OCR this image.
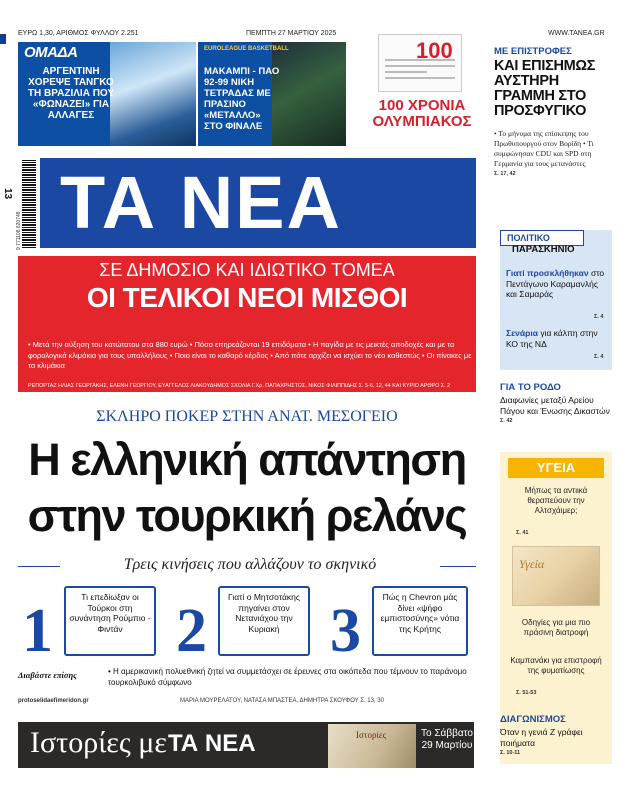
ΕΥΡΩ 1,30, ΑΡΙΘΜΟΣ ΦΥΛΛΟΥ 2.251	ΠΕΜΠΤΗ 27 ΜΑΡΤΙΟΥ 2025	WWW.TANEA.GR
ΟΜΑΔΑ
ΑΡΓΕΝΤΙΝΗ ΧΟΡΕΨΕ ΤΑΝΓΚΟ ΤΗ ΒΡΑΖΙΛΙΑ ΠΟΥ «ΦΩΝΑΖΕΙ» ΓΙΑ ΑΛΛΑΓΕΣ
EUROLEAGUE BASKETBALL
ΜΑΚΑΜΠΙ - ΠΑΟ 92-99 ΝΙΚΗ ΤΕΤΡΑΔΑΣ ΜΕ ΠΡΑΣΙΝΟ «ΜΕΤΑΛΛΟ» ΣΤΟ ΦΙΝΑΛΕ
100
100 ΧΡΟΝΙΑ ΟΛΥΜΠΙΑΚΟΣ
13
9 771108 620748 ΤΑ ΝΕΑ
ΣΕ ΔΗΜΟΣΙΟ ΚΑΙ ΙΔΙΩΤΙΚΟ ΤΟΜΕΑ
ΟΙ ΤΕΛΙΚΟΙ ΝΕΟΙ ΜΙΣΘΟΙ
• Μετά την αύξηση του κατώτατου στα 880 ευρώ • Πόσο επηρεάζονται 19 επιδόματα • Η παγίδα με τις μεικτές αποδοχές και με τα φορολογικά κλιμάκια για τους υπαλλήλους • Ποιο είναι το καθαρό κέρδος • Από πότε αρχίζει να ισχύει το νέο καθεστώς • Οι πίνακες με τα κλιμάκια
ΡΕΠΟΡΤΑΖ ΗΛΙΑΣ ΓΕΩΡΓΑΚΗΣ, ΕΛΕΝΗ ΓΕΩΡΓΙΟΥ, ΕΥΑΓΓΕΛΟΣ ΛΙΑΚΟΥΔΗΜΟΣ ΣΧΟΛΙΑ Γ.Χρ. ΠΑΠΑΧΡΗΣΤΟΣ, ΝΙΚΟΣ ΦΙΛΙΠΠΙΔΗΣ Σ. 5-6, 12, 44 ΚΑΙ ΚΥΡΙΟ ΑΡΘΡΟ Σ. 2
ΣΚΛΗΡΟ ΠΟΚΕΡ ΣΤΗΝ ΑΝΑΤ. ΜΕΣΟΓΕΙΟ
Η ελληνική απάντηση
στην τουρκική ρελάνς
Τρεις κινήσεις που αλλάζουν το σκηνικό
1	Τι επεδίωξαν οι Τούρκοι στη συνάντηση Ρούμπιο - Φιντάν 2	Γιατί ο Μητσοτάκης πηγαίνει στον Νετανιάχου την Κυριακή 3	Πώς η Chevron μάς δίνει «ψήφο εμπιστοσύνης» νότια της Κρήτης
Διαβάστε επίσης	• Η αμερικανική πολυεθνική ζητεί να συμμετάσχει σε έρευνες στα οικόπεδα που τέμνουν το παράνομο τουρκολιβυκό σύμφωνο
protoselidaefimeridon.gr	ΜΑΡΙΑ ΜΟΥΡΕΛΑΤΟΥ, ΝΑΤΑΣΑ ΜΠΑΣΤΕΑ, ΔΗΜΗΤΡΑ ΣΚΟΥΦΟΥ Σ. 13, 30
Ιστορίες με ΤΑ ΝΕΑ	Ιστορίες	Το Σάββατο 29 Μαρτίου
ΜΕ ΕΠΙΣΤΡΟΦΕΣ
ΚΑΙ ΕΠΙΣΗΜΩΣ ΑΥΣΤΗΡΗ ΓΡΑΜΜΗ ΣΤΟ ΠΡΟΣΦΥΓΙΚΟ
• Το μήνυμα της επίσκεψης του Πρωθυπουργού στον Βορίδη • Τι συμφώνησαν CDU και SPD στη Γερμανία για τους μετανάστες
Σ. 17, 42
ΠΟΛΙΤΙΚΟ
ΠΑΡΑΣΚΗΝΙΟ
Γιατί προσκλήθηκαν στο Πεντάγωνο Καραμανλής και Σαμαράς
Σ. 4
Σενάρια για κάλπη στην ΚΟ της ΝΔ
Σ. 4
ΓΙΑ ΤΟ ΡΟΔΟ
Διαφωνίες μεταξύ Αρείου Πάγου και Ένωσης Δικαστών
Σ. 42
ΥΓΕΙΑ
Μήπως τα αντιικά θεραπεύουν την Αλτσχάιμερ;
Σ. 41
Υγεία
Οδηγίες για μια πιο πράσινη διατροφή
Καμπανάκι για επιστροφή της φυματίωσης
Σ. 51-53
ΔΙΑΓΩΝΙΣΜΟΣ
Όταν η γενιά Ζ γράφει ποιήματα
Σ. 10-11
